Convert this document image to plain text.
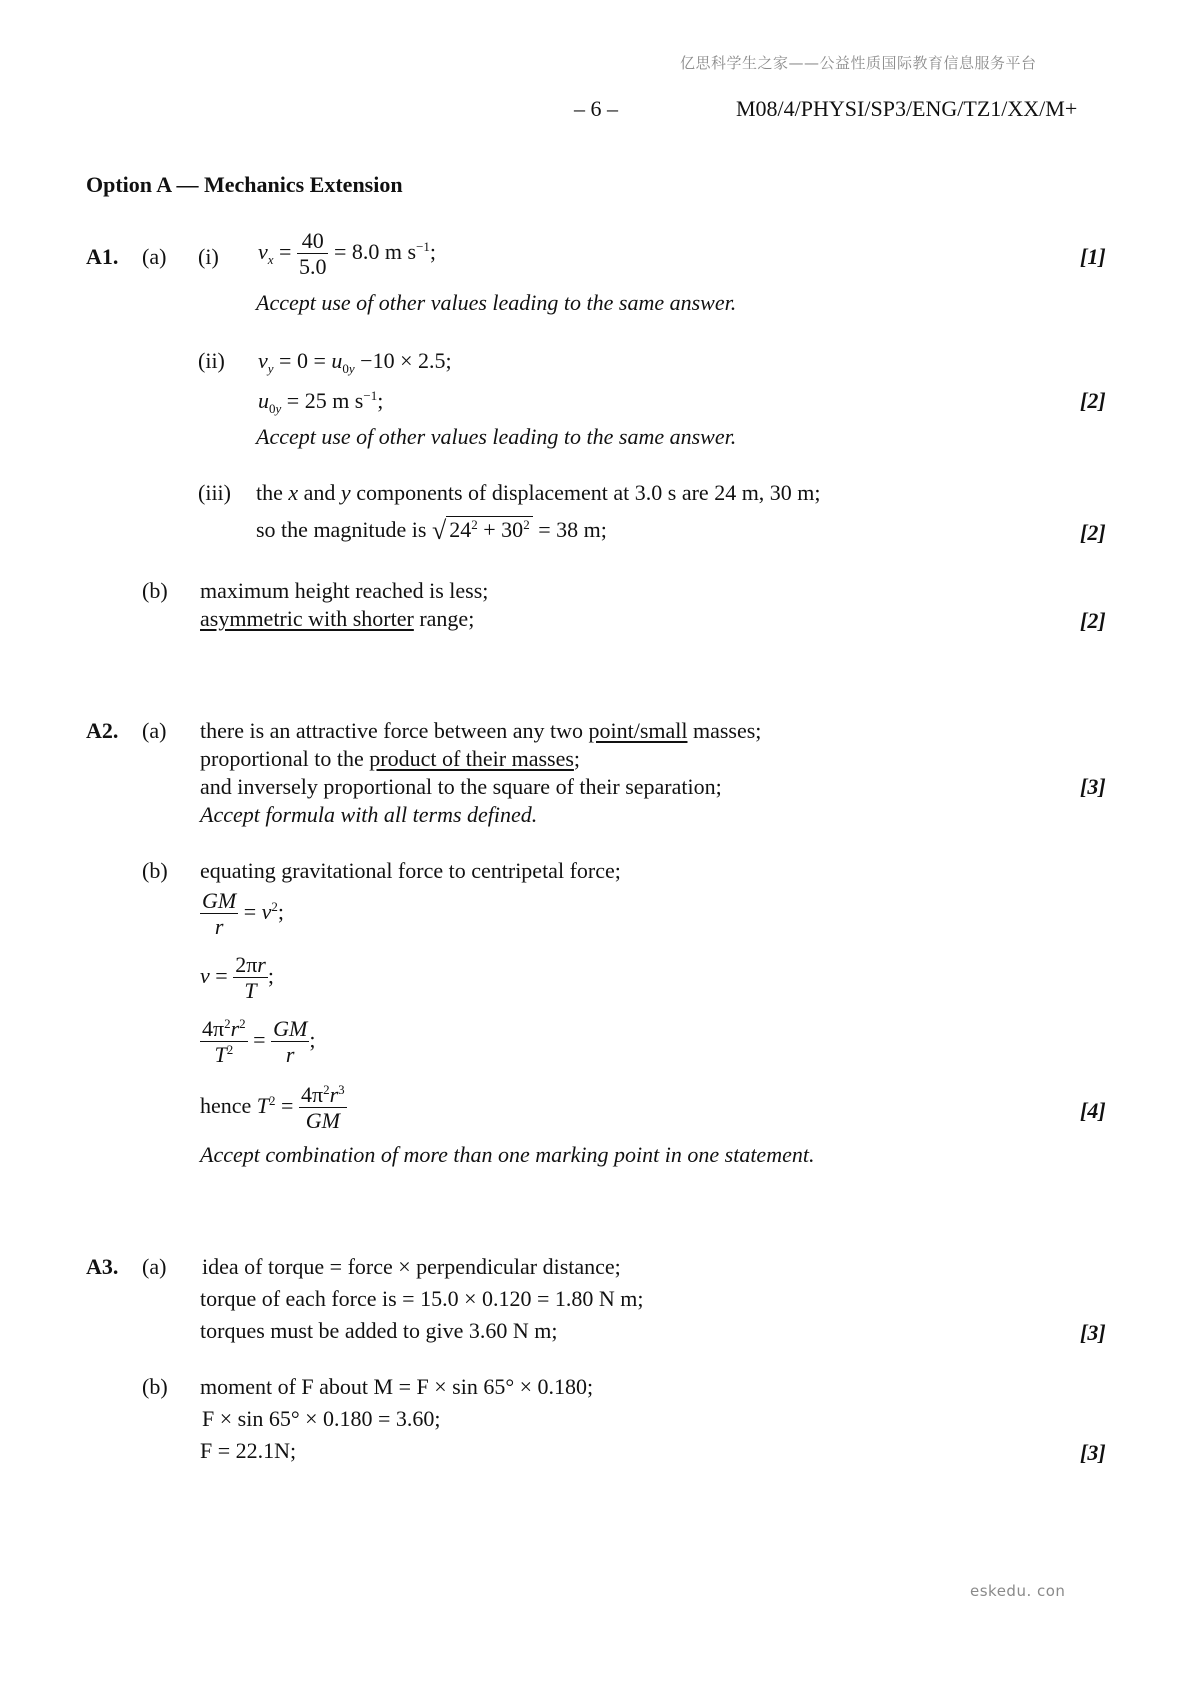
亿思科学生之家——公益性质国际教育信息服务平台
– 6 –	M08/4/PHYSI/SP3/ENG/TZ1/XX/M+
Option A — Mechanics Extension
A1. (a) (i) $v_x = \frac{40}{5.0} = 8.0$ m $s^{-1}$;	[1]
Accept use of other values leading to the same answer.
(ii) $v_y = 0 = u_{0y} -10 \times 2.5$;
$u_{0y} = 25$ m $s^{-1}$;	[2]
Accept use of other values leading to the same answer.
(iii) the x and y components of displacement at 3.0 s are 24 m, 30 m;
so the magnitude is √ $24^2 + 30^2 = 38$ m;	[2]
(b) maximum height reached is less;
asymmetric with shorter range;	[2]
A2. (a) there is an attractive force between any two point/small masses;
proportional to the product of their masses;
and inversely proportional to the square of their separation;	[3]
Accept formula with all terms defined.
(b) equating gravitational force to centripetal force;
$\frac{GM}{r} = v^2$;
$v = \frac{2\pi r}{T}$ ;
$\frac{4\pi^2r^2}{T^2} = \frac{GM}{r}$ ;
hence $T^2 = \frac{4\pi^2r^3}{GM}$	[4]
Accept combination of more than one marking point in one statement.
A3. (a) idea of torque = force × perpendicular distance;
torque of each force is = 15.0 × 0.120 = 1.80 N m;
torques must be added to give 3.60 N m;	[3]
(b) moment of F about M = F × sin 65° × 0.180;
F × sin 65° × 0.180 = 3.60;
F = 22.1N;	[3]
eskedu. con
